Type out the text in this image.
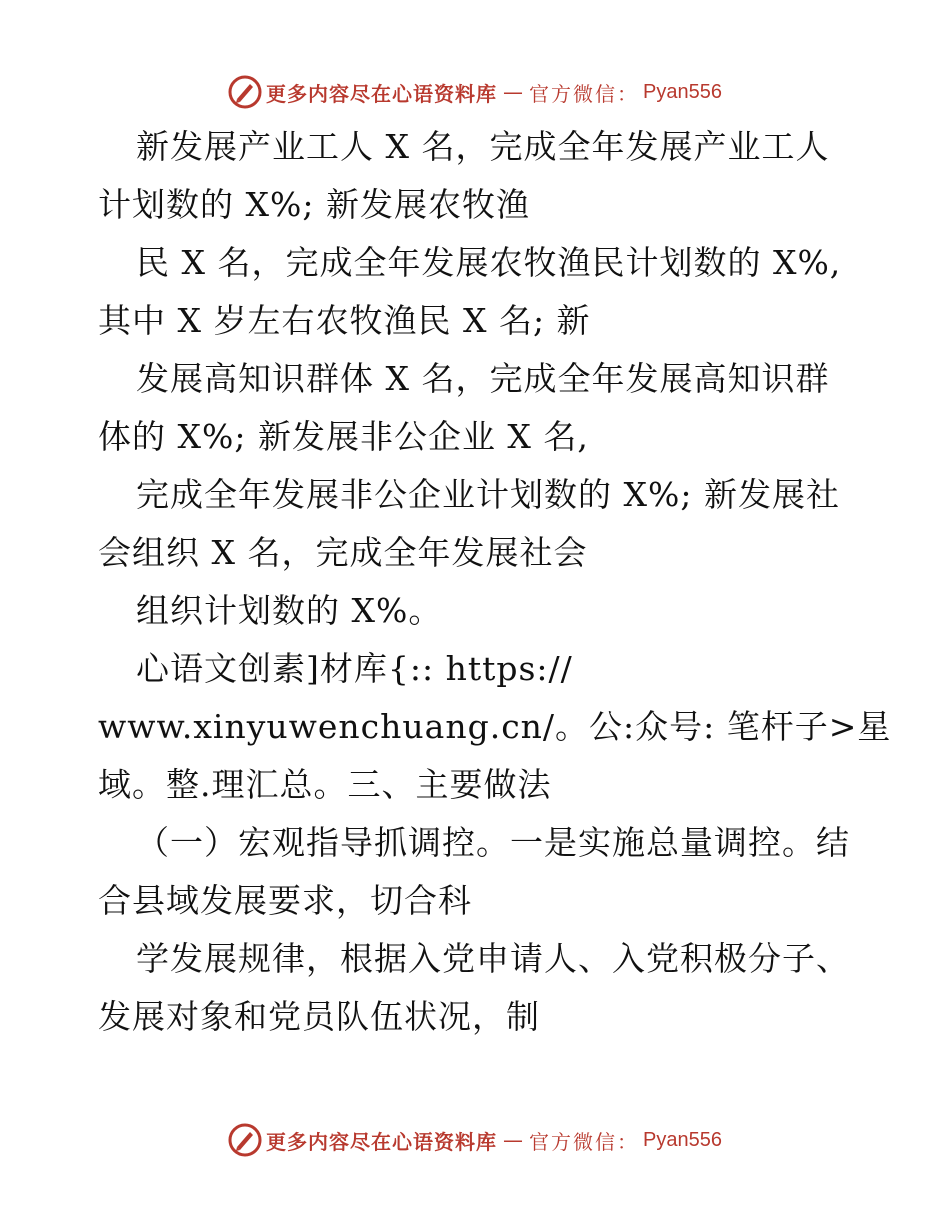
更多内容尽在心语资料库 — 官方微信： Pyan556
新发展产业工人 X 名，完成全年发展产业工人
计划数的 X%; 新发展农牧渔
民 X 名，完成全年发展农牧渔民计划数的 X%,
其中 X 岁左右农牧渔民 X 名; 新
发展高知识群体 X 名，完成全年发展高知识群
体的 X%; 新发展非公企业 X 名,
完成全年发展非公企业计划数的 X%; 新发展社
会组织 X 名，完成全年发展社会
组织计划数的 X%。
心语文创素]材库{:: https://
www.xinyuwenchuang.cn/。公:众号: 笔杆子>星
域。整.理汇总。三、主要做法
（一）宏观指导抓调控。一是实施总量调控。结
合县域发展要求，切合科
学发展规律，根据入党申请人、入党积极分子、
发展对象和党员队伍状况，制
更多内容尽在心语资料库 — 官方微信： Pyan556
